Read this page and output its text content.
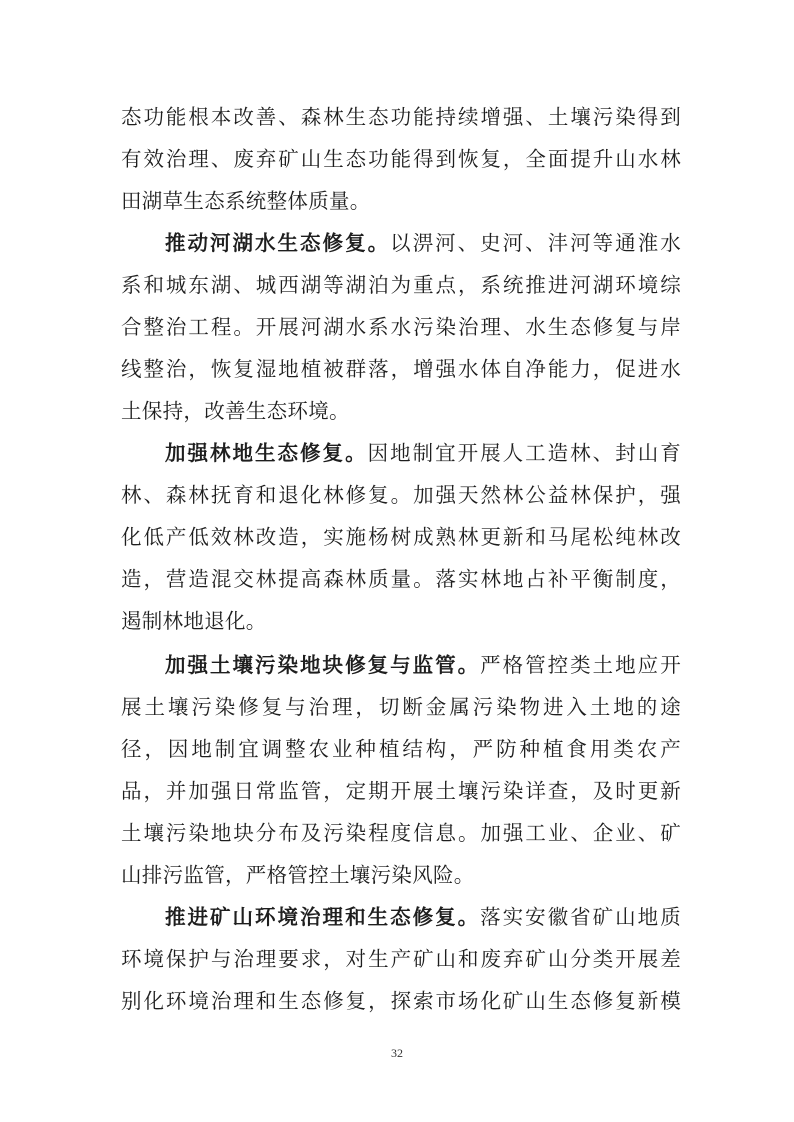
态功能根本改善、森林生态功能持续增强、土壤污染得到
有效治理、废弃矿山生态功能得到恢复，全面提升山水林
田湖草生态系统整体质量。
推动河湖水生态修复。以淠河、史河、沣河等通淮水
系和城东湖、城西湖等湖泊为重点，系统推进河湖环境综
合整治工程。开展河湖水系水污染治理、水生态修复与岸
线整治，恢复湿地植被群落，增强水体自净能力，促进水
土保持，改善生态环境。
加强林地生态修复。因地制宜开展人工造林、封山育
林、森林抚育和退化林修复。加强天然林公益林保护，强
化低产低效林改造，实施杨树成熟林更新和马尾松纯林改
造，营造混交林提高森林质量。落实林地占补平衡制度，
遏制林地退化。
加强土壤污染地块修复与监管。严格管控类土地应开
展土壤污染修复与治理，切断金属污染物进入土地的途
径，因地制宜调整农业种植结构，严防种植食用类农产
品，并加强日常监管，定期开展土壤污染详查，及时更新
土壤污染地块分布及污染程度信息。加强工业、企业、矿
山排污监管，严格管控土壤污染风险。
推进矿山环境治理和生态修复。落实安徽省矿山地质
环境保护与治理要求，对生产矿山和废弃矿山分类开展差
别化环境治理和生态修复，探索市场化矿山生态修复新模
32
